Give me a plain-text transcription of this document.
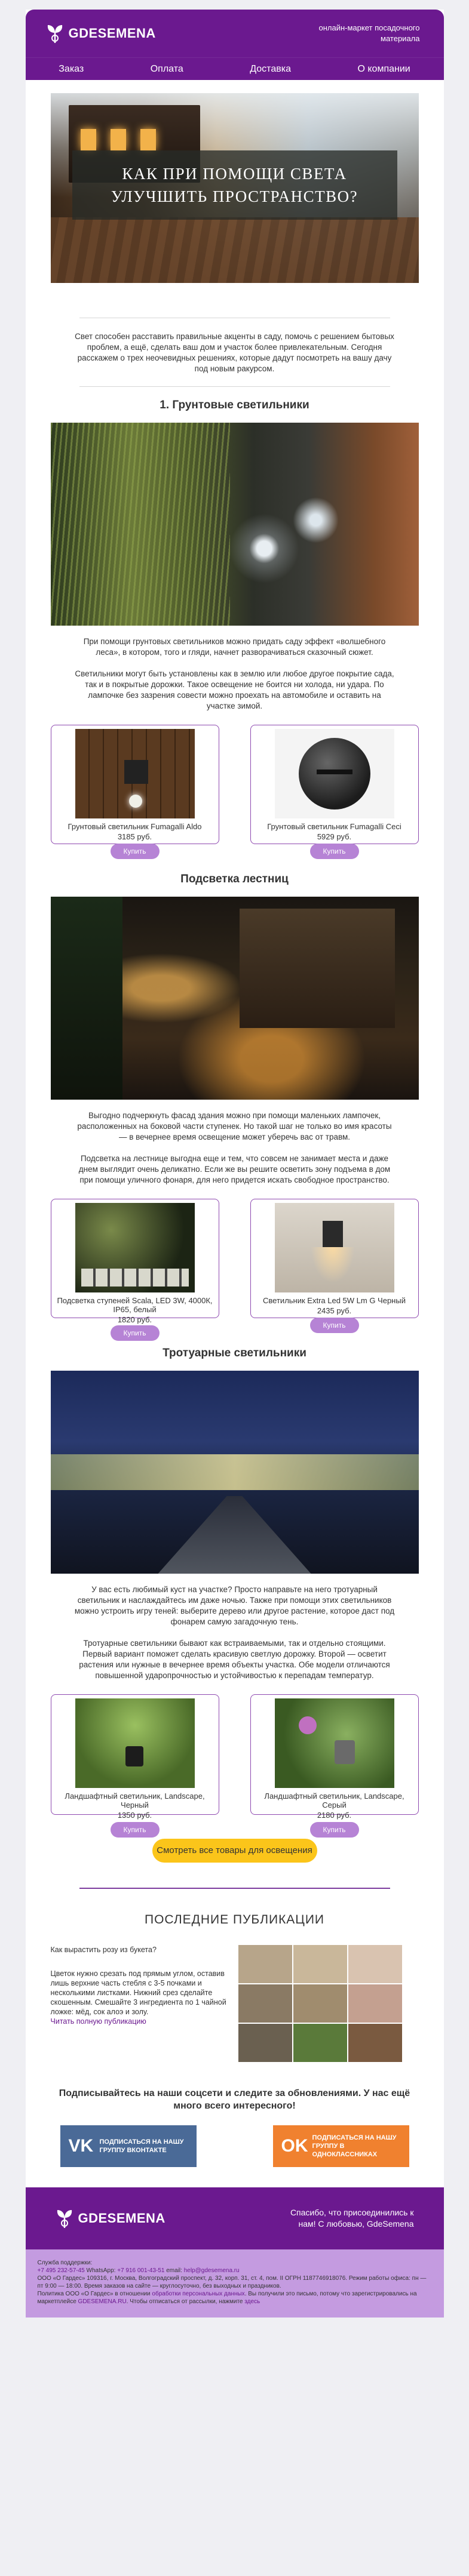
GDESEMENA	онлайн-маркет посадочного материала
Заказ	Оплата	Доставка	О компании
КАК ПРИ ПОМОЩИ СВЕТА УЛУЧШИТЬ ПРОСТРАНСТВО?
Свет способен расставить правильные акценты в саду, помочь с решением бытовых проблем, а ещё, сделать ваш дом и участок более привлекательным. Сегодня расскажем о трех неочевидных решениях, которые дадут посмотреть на вашу дачу под новым ракурсом.
1. Грунтовые светильники
При помощи грунтовых светильников можно придать саду эффект «волшебного леса», в котором, того и гляди, начнет разворачиваться сказочный сюжет.
Светильники могут быть установлены как в землю или любое другое покрытие сада, так и в покрытые дорожки. Такое освещение не боится ни холода, ни удара. По лампочке без зазрения совести можно проехать на автомобиле и оставить на участке зимой.
Грунтовый светильник Fumagalli Aldo
3185 руб.
Купить
Грунтовый светильник Fumagalli Ceci
5929 руб.
Купить
Подсветка лестниц
Выгодно подчеркнуть фасад здания можно при помощи маленьких лампочек, расположенных на боковой части ступенек. Но такой шаг не только во имя красоты — в вечернее время освещение может уберечь вас от травм.
Подсветка на лестнице выгодна еще и тем, что совсем не занимает места и даже днем выглядит очень деликатно. Если же вы решите осветить зону подъема в дом при помощи уличного фонаря, для него придется искать свободное пространство.
Подсветка ступеней Scala, LED 3W, 4000К, IP65, белый
1820 руб.
Купить
Светильник Extra Led 5W Lm G Черный
2435 руб.
Купить
Тротуарные светильники
У вас есть любимый куст на участке? Просто направьте на него тротуарный светильник и наслаждайтесь им даже ночью. Также при помощи этих светильников можно устроить игру теней: выберите дерево или другое растение, которое даст под фонарем самую загадочную тень.
Тротуарные светильники бывают как встраиваемыми, так и отдельно стоящими. Первый вариант поможет сделать красивую светлую дорожку. Второй — осветит растения или нужные в вечернее время объекты участка. Обе модели отличаются повышенной ударопрочностью и устойчивостью к перепадам температур.
Ландшафтный светильник, Landscape, Черный
1350 руб.
Купить
Ландшафтный светильник, Landscape, Серый
2180 руб.
Купить
Смотреть все товары для освещения
ПОСЛЕДНИЕ ПУБЛИКАЦИИ
Как вырастить розу из букета?
Цветок нужно срезать под прямым углом, оставив лишь верхние часть стебля с 3-5 почками и несколькими листками. Нижний срез сделайте скошенным. Смешайте 3 ингредиента по 1 чайной ложке: мёд, сок алоэ и золу.
Читать полную публикацию
Подписывайтесь на наши соцсети и следите за обновлениями. У нас ещё много всего интересного!
VK ПОДПИСАТЬСЯ НА НАШУ ГРУППУ ВКОНТАКТЕ	OK ПОДПИСАТЬСЯ НА НАШУ ГРУППУ В ОДНОКЛАССНИКАХ
GDESEMENA	Спасибо, что присоединились к нам! С любовью, GdeSemena
Служба поддержки:
+7 495 232-57-45 WhatsApp: +7 916 001-43-51 email: help@gdesemena.ru
ООО «О Гардес» 109316, г. Москва, Волгоградский проспект, д. 32, корп. 31, ст. 4, пом. II ОГРН 1187746918076. Режим работы офиса: пн — пт 9:00 — 18:00. Время заказов на сайте — круглосуточно, без выходных и праздников.
Политика ООО «О Гардес» в отношении обработки персональных данных. Вы получили это письмо, потому что зарегистрировались на маркетплейсе GDESEMENA.RU. Чтобы отписаться от рассылки, нажмите здесь
